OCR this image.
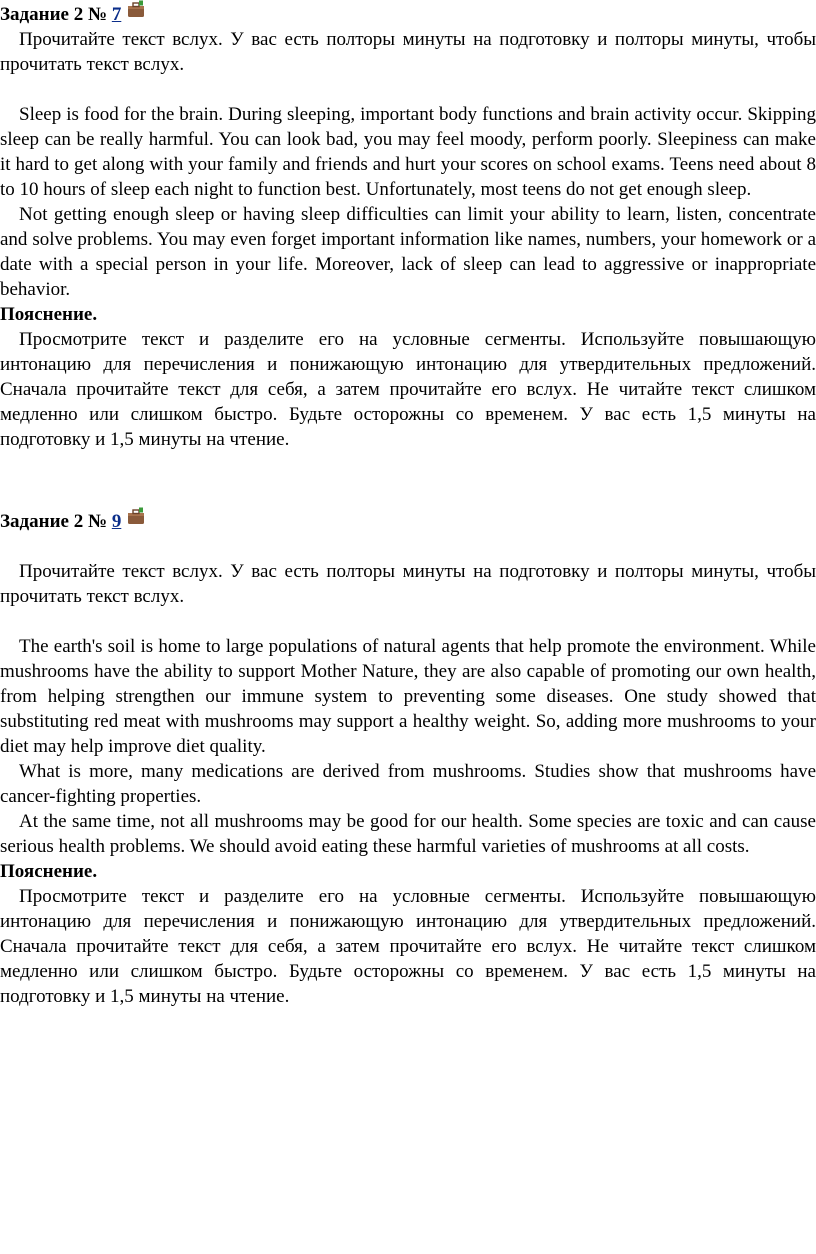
Задание 2 № 7

Прочитайте текст вслух. У вас есть полторы минуты на подготовку и полторы минуты, чтобы прочитать текст вслух.

Sleep is food for the brain. During sleeping, important body functions and brain activity occur. Skipping sleep can be really harmful. You can look bad, you may feel moody, perform poorly. Sleepiness can make it hard to get along with your family and friends and hurt your scores on school exams. Teens need about 8 to 10 hours of sleep each night to function best. Unfortunately, most teens do not get enough sleep.

Not getting enough sleep or having sleep difficulties can limit your ability to learn, listen, concentrate and solve problems. You may even forget important information like names, numbers, your homework or a date with a special person in your life. Moreover, lack of sleep can lead to aggressive or inappropriate behavior.

Пояснение.

Просмотрите текст и разделите его на условные сегменты. Используйте повышающую интонацию для перечисления и понижающую интонацию для утвердительных предложений. Сначала прочитайте текст для себя, а затем прочитайте его вслух. Не читайте текст слишком медленно или слишком быстро. Будьте осторожны со временем. У вас есть 1,5 минуты на подготовку и 1,5 минуты на чтение.

Задание 2 № 9

Прочитайте текст вслух. У вас есть полторы минуты на подготовку и полторы минуты, чтобы прочитать текст вслух.

The earth's soil is home to large populations of natural agents that help promote the environment. While mushrooms have the ability to support Mother Nature, they are also capable of promoting our own health, from helping strengthen our immune system to preventing some diseases. One study showed that substituting red meat with mushrooms may support a healthy weight. So, adding more mushrooms to your diet may help improve diet quality.

What is more, many medications are derived from mushrooms. Studies show that mushrooms have cancer-fighting properties.

At the same time, not all mushrooms may be good for our health. Some species are toxic and can cause serious health problems. We should avoid eating these harmful varieties of mushrooms at all costs.

Пояснение.

Просмотрите текст и разделите его на условные сегменты. Используйте повышающую интонацию для перечисления и понижающую интонацию для утвердительных предложений. Сначала прочитайте текст для себя, а затем прочитайте его вслух. Не читайте текст слишком медленно или слишком быстро. Будьте осторожны со временем. У вас есть 1,5 минуты на подготовку и 1,5 минуты на чтение.
